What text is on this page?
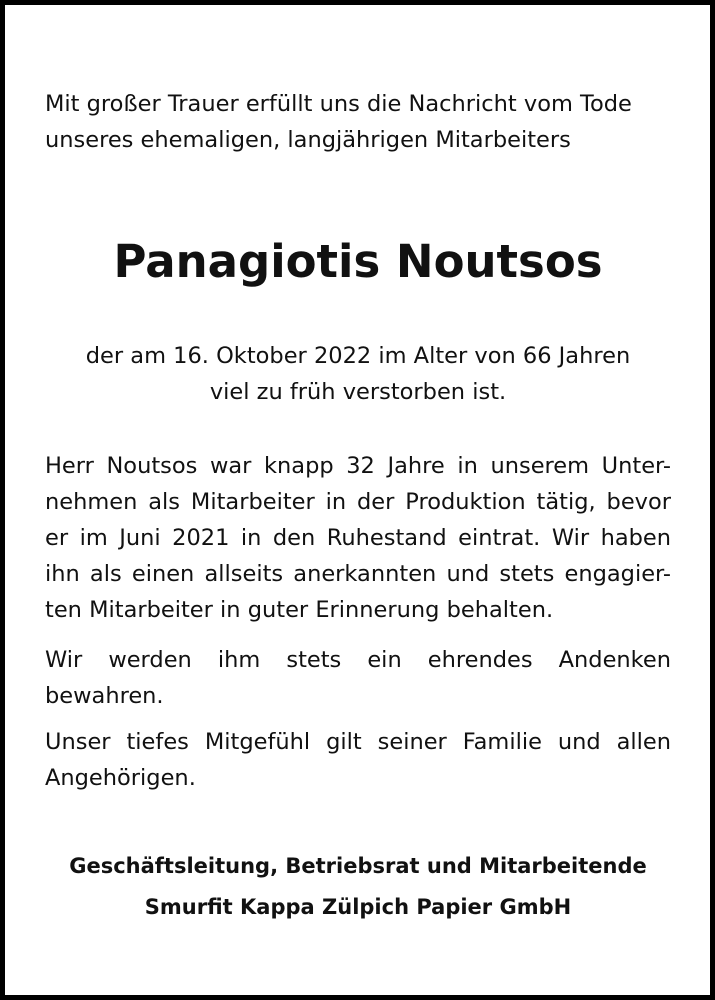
Mit großer Trauer erfüllt uns die Nachricht vom Tode
unseres ehemaligen, langjährigen Mitarbeiters
Panagiotis Noutsos
der am 16. Oktober 2022 im Alter von 66 Jahren
viel zu früh verstorben ist.
Herr Noutsos war knapp 32 Jahre in unserem Unter-
nehmen als Mitarbeiter in der Produktion tätig, bevor
er im Juni 2021 in den Ruhestand eintrat. Wir haben
ihn als einen allseits anerkannten und stets engagier-
ten Mitarbeiter in guter Erinnerung behalten.
Wir werden ihm stets ein ehrendes Andenken
bewahren.
Unser tiefes Mitgefühl gilt seiner Familie und allen
Angehörigen.
Geschäftsleitung, Betriebsrat und Mitarbeitende
Smurfit Kappa Zülpich Papier GmbH
